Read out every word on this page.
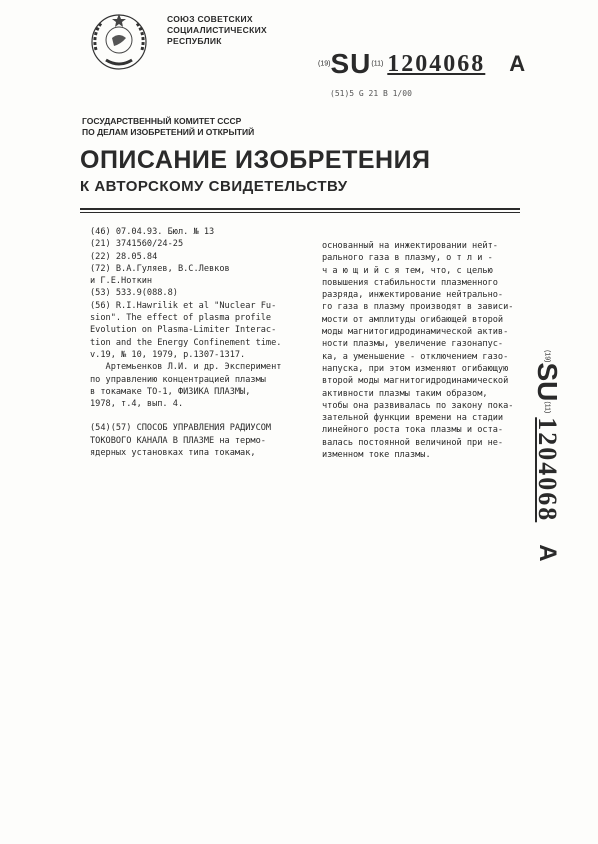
СОЮЗ СОВЕТСКИХ
СОЦИАЛИСТИЧЕСКИХ
РЕСПУБЛИК
(19)SU(11) 1204068 A
(51)5 G 21 B 1/00
ГОСУДАРСТВЕННЫЙ КОМИТЕТ СССР
ПО ДЕЛАМ ИЗОБРЕТЕНИЙ И ОТКРЫТИЙ
ОПИСАНИЕ ИЗОБРЕТЕНИЯ
К АВТОРСКОМУ СВИДЕТЕЛЬСТВУ
(46) 07.04.93. Бюл. № 13
(21) 3741560/24-25
(22) 28.05.84
(72) В.А.Гуляев, В.С.Левков
и Г.Е.Ноткин
(53) 533.9(088.8)
(56) R.I.Hawrilik et al "Nuclear Fu-
sion". The effect of plasma profile
Evolution on Plasma-Limiter Interac-
tion and the Energy Confinement time.
v.19, № 10, 1979, p.1307-1317.
Артемьенков Л.И. и др. Эксперимент
по управлению концентрацией плазмы
в токамаке ТО-1, ФИЗИКА ПЛАЗМЫ,
1978, т.4, вып. 4.
(54)(57) СПОСОБ УПРАВЛЕНИЯ РАДИУСОМ
ТОКОВОГО КАНАЛА В ПЛАЗМЕ на термо-
ядерных установках типа токамак,
основанный на инжектировании нейт-
рального газа в плазму, о т л и -
ч а ю щ и й с я тем, что, с целью
повышения стабильности плазменного
разряда, инжектирование нейтрально-
го газа в плазму производят в зависи-
мости от амплитуды огибающей второй
моды магнитогидродинамической актив-
ности плазмы, увеличение газонапус-
ка, а уменьшение - отключением газо-
напуска, при этом изменяют огибающую
второй моды магнитогидродинамической
активности плазмы таким образом,
чтобы она развивалась по закону пока-
зательной функции времени на стадии
линейного роста тока плазмы и оста-
валась постоянной величиной при не-
изменном токе плазмы.
(19)SU(11)1204068A
